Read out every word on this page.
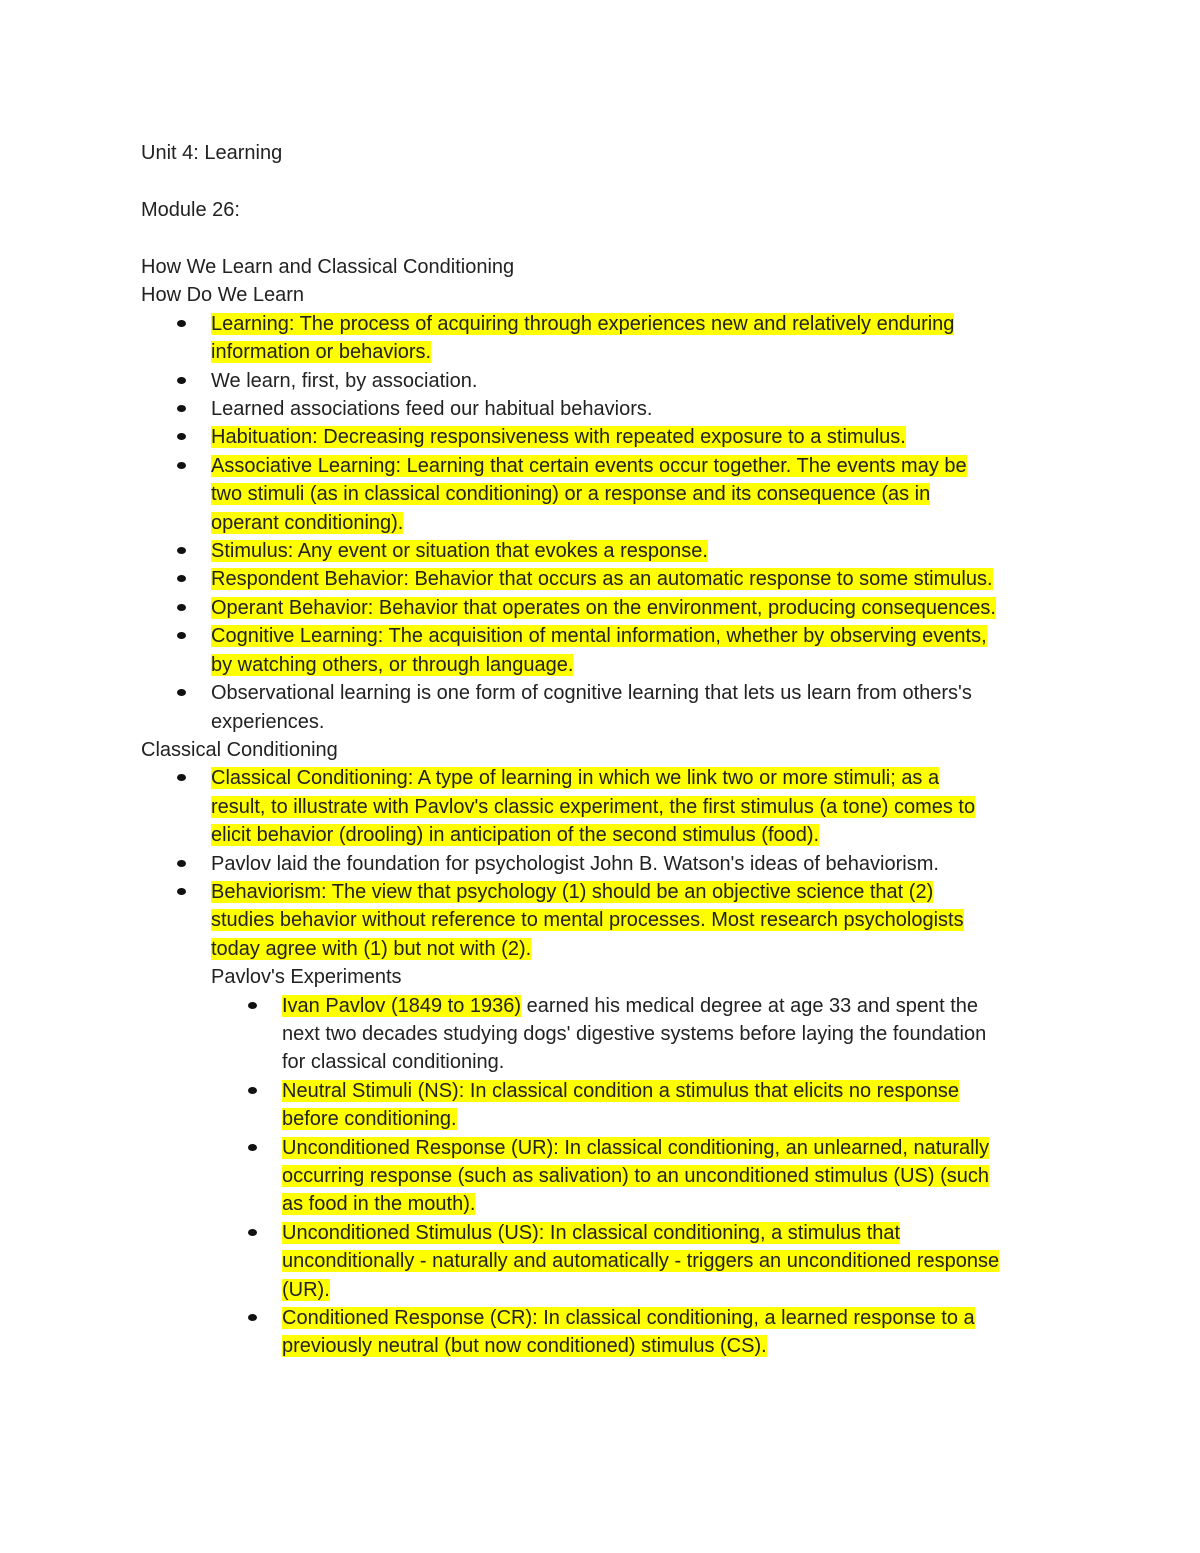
Unit 4: Learning
Module 26:
How We Learn and Classical Conditioning
How Do We Learn
Learning: The process of acquiring through experiences new and relatively enduring
information or behaviors.
We learn, first, by association.
Learned associations feed our habitual behaviors.
Habituation: Decreasing responsiveness with repeated exposure to a stimulus.
Associative Learning: Learning that certain events occur together. The events may be
two stimuli (as in classical conditioning) or a response and its consequence (as in
operant conditioning).
Stimulus: Any event or situation that evokes a response.
Respondent Behavior: Behavior that occurs as an automatic response to some stimulus.
Operant Behavior: Behavior that operates on the environment, producing consequences.
Cognitive Learning: The acquisition of mental information, whether by observing events,
by watching others, or through language.
Observational learning is one form of cognitive learning that lets us learn from others's
experiences.
Classical Conditioning
Classical Conditioning: A type of learning in which we link two or more stimuli; as a
result, to illustrate with Pavlov's classic experiment, the first stimulus (a tone) comes to
elicit behavior (drooling) in anticipation of the second stimulus (food).
Pavlov laid the foundation for psychologist John B. Watson's ideas of behaviorism.
Behaviorism: The view that psychology (1) should be an objective science that (2)
studies behavior without reference to mental processes. Most research psychologists
today agree with (1) but not with (2).
Pavlov's Experiments
Ivan Pavlov (1849 to 1936) earned his medical degree at age 33 and spent the
next two decades studying dogs' digestive systems before laying the foundation
for classical conditioning.
Neutral Stimuli (NS): In classical condition a stimulus that elicits no response
before conditioning.
Unconditioned Response (UR): In classical conditioning, an unlearned, naturally
occurring response (such as salivation) to an unconditioned stimulus (US) (such
as food in the mouth).
Unconditioned Stimulus (US): In classical conditioning, a stimulus that
unconditionally - naturally and automatically - triggers an unconditioned response
(UR).
Conditioned Response (CR): In classical conditioning, a learned response to a
previously neutral (but now conditioned) stimulus (CS).
